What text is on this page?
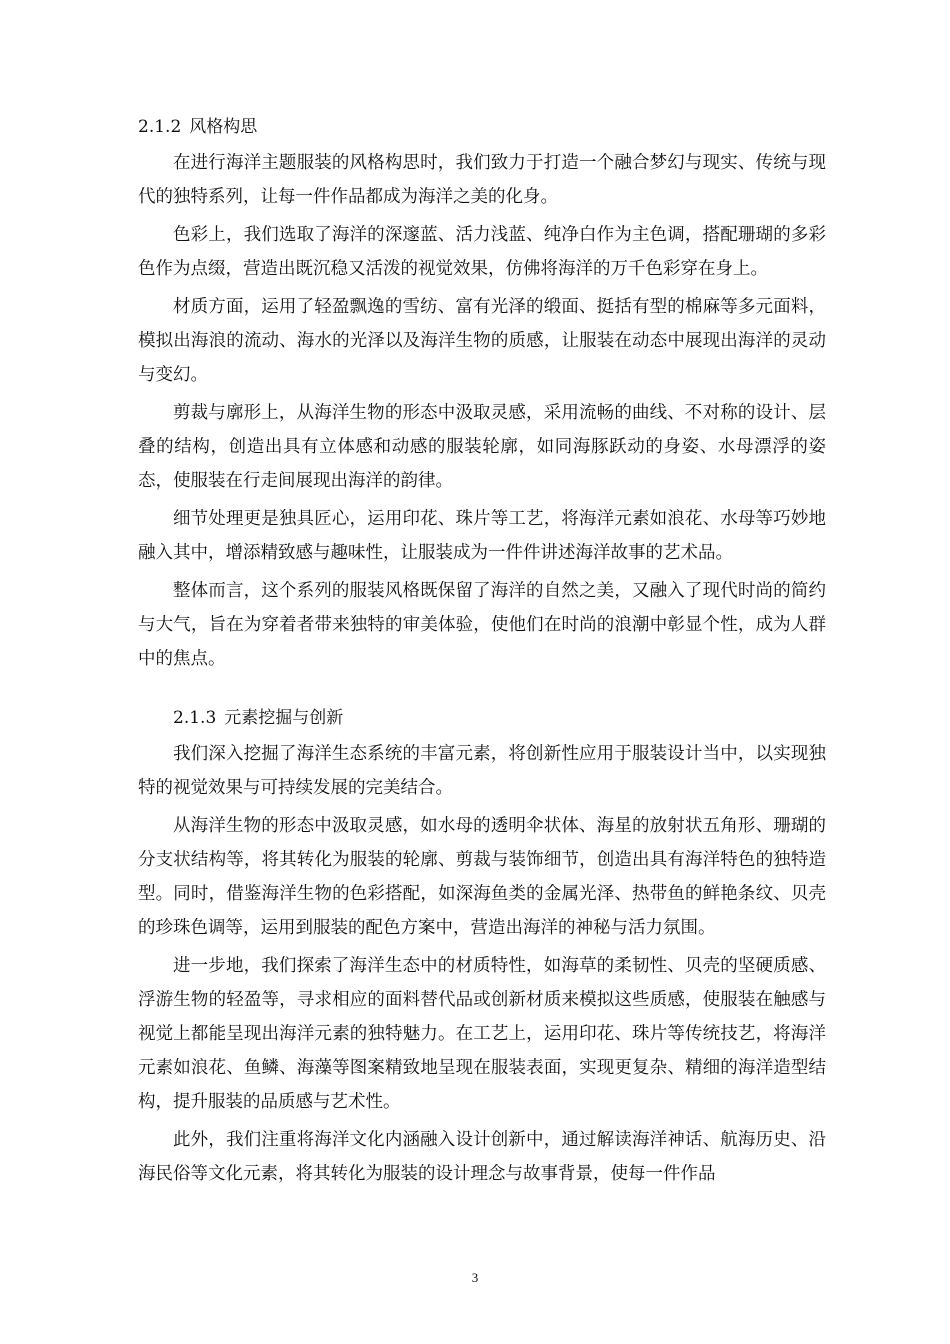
2.1.2 风格构思

在进行海洋主题服装的风格构思时，我们致力于打造一个融合梦幻与现实、传统与现代的独特系列，让每一件作品都成为海洋之美的化身。

色彩上，我们选取了海洋的深邃蓝、活力浅蓝、纯净白作为主色调，搭配珊瑚的多彩色作为点缀，营造出既沉稳又活泼的视觉效果，仿佛将海洋的万千色彩穿在身上。

材质方面，运用了轻盈飘逸的雪纺、富有光泽的缎面、挺括有型的棉麻等多元面料，模拟出海浪的流动、海水的光泽以及海洋生物的质感，让服装在动态中展现出海洋的灵动与变幻。

剪裁与廓形上，从海洋生物的形态中汲取灵感，采用流畅的曲线、不对称的设计、层叠的结构，创造出具有立体感和动感的服装轮廓，如同海豚跃动的身姿、水母漂浮的姿态，使服装在行走间展现出海洋的韵律。

细节处理更是独具匠心，运用印花、珠片等工艺，将海洋元素如浪花、水母等巧妙地融入其中，增添精致感与趣味性，让服装成为一件件讲述海洋故事的艺术品。

整体而言，这个系列的服装风格既保留了海洋的自然之美，又融入了现代时尚的简约与大气，旨在为穿着者带来独特的审美体验，使他们在时尚的浪潮中彰显个性，成为人群中的焦点。

2.1.3 元素挖掘与创新

我们深入挖掘了海洋生态系统的丰富元素，将创新性应用于服装设计当中，以实现独特的视觉效果与可持续发展的完美结合。

从海洋生物的形态中汲取灵感，如水母的透明伞状体、海星的放射状五角形、珊瑚的分支状结构等，将其转化为服装的轮廓、剪裁与装饰细节，创造出具有海洋特色的独特造型。同时，借鉴海洋生物的色彩搭配，如深海鱼类的金属光泽、热带鱼的鲜艳条纹、贝壳的珍珠色调等，运用到服装的配色方案中，营造出海洋的神秘与活力氛围。

进一步地，我们探索了海洋生态中的材质特性，如海草的柔韧性、贝壳的坚硬质感、浮游生物的轻盈等，寻求相应的面料替代品或创新材质来模拟这些质感，使服装在触感与视觉上都能呈现出海洋元素的独特魅力。在工艺上，运用印花、珠片等传统技艺，将海洋元素如浪花、鱼鳞、海藻等图案精致地呈现在服装表面，实现更复杂、精细的海洋造型结构，提升服装的品质感与艺术性。

此外，我们注重将海洋文化内涵融入设计创新中，通过解读海洋神话、航海历史、沿海民俗等文化元素，将其转化为服装的设计理念与故事背景，使每一件作品

3
